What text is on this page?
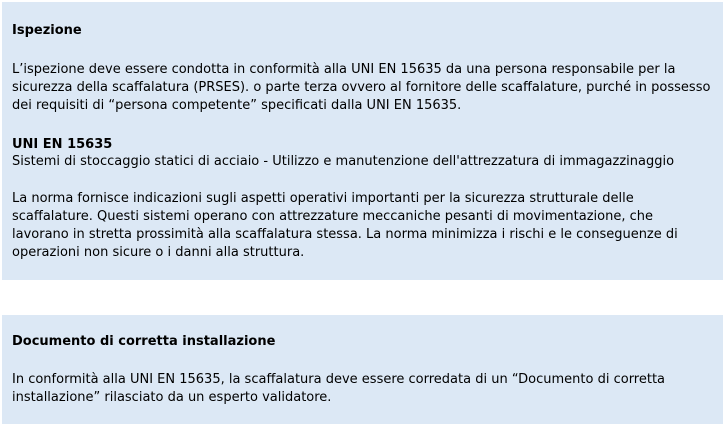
Ispezione

L’ispezione deve essere condotta in conformità alla UNI EN 15635 da una persona responsabile per la sicurezza della scaffalatura (PRSES). o parte terza ovvero al fornitore delle scaffalature, purché in possesso dei requisiti di “persona competente” specificati dalla UNI EN 15635.

UNI EN 15635

Sistemi di stoccaggio statici di acciaio - Utilizzo e manutenzione dell'attrezzatura di immagazzinaggio

La norma fornisce indicazioni sugli aspetti operativi importanti per la sicurezza strutturale delle scaffalature. Questi sistemi operano con attrezzature meccaniche pesanti di movimentazione, che lavorano in stretta prossimità alla scaffalatura stessa. La norma minimizza i rischi e le conseguenze di operazioni non sicure o i danni alla struttura.

Documento di corretta installazione

In conformità alla UNI EN 15635, la scaffalatura deve essere corredata di un “Documento di corretta installazione” rilasciato da un esperto validatore.
